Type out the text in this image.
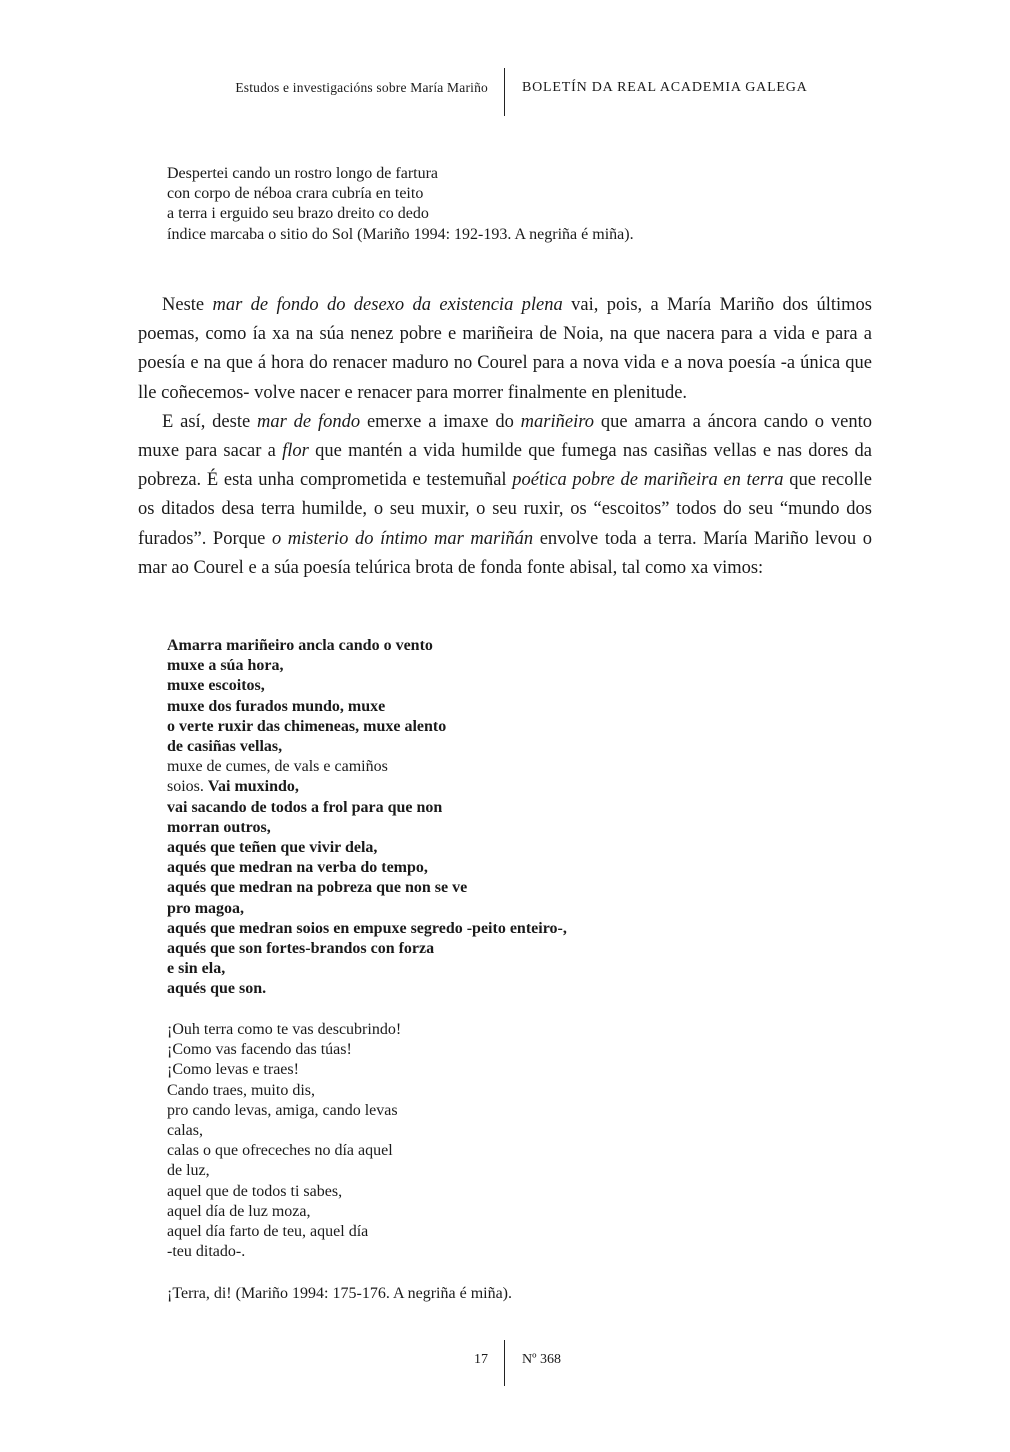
Estudos e investigacións sobre María Mariño BOLETÍN DA REAL ACADEMIA GALEGA
Despertei cando un rostro longo de fartura
con corpo de néboa crara cubría en teito
a terra i erguido seu brazo dreito co dedo
índice marcaba o sitio do Sol (Mariño 1994: 192-193. A negriña é miña).

Neste mar de fondo do desexo da existencia plena vai, pois, a María Mariño dos últimos poemas, como ía xa na súa nenez pobre e mariñeira de Noia, na que nacera para a vida e para a poesía e na que á hora do renacer maduro no Courel para a nova vida e a nova poesía -a única que lle coñecemos- volve nacer e renacer para morrer finalmente en plenitude.

E así, deste mar de fondo emerxe a imaxe do mariñeiro que amarra a áncora cando o vento muxe para sacar a flor que mantén a vida humilde que fumega nas casiñas vellas e nas dores da pobreza. É esta unha comprometida e testemuñal poética pobre de mariñeira en terra que recolle os ditados desa terra humilde, o seu muxir, o seu ruxir, os “escoitos” todos do seu “mundo dos furados”. Porque o misterio do íntimo mar mariñán envolve toda a terra. María Mariño levou o mar ao Courel e a súa poesía telúrica brota de fonda fonte abisal, tal como xa vimos:

Amarra mariñeiro ancla cando o vento
muxe a súa hora,
muxe escoitos,
muxe dos furados mundo, muxe
o verte ruxir das chimeneas, muxe alento
de casiñas vellas,
muxe de cumes, de vals e camiños
soios. Vai muxindo,
vai sacando de todos a frol para que non
morran outros,
aqués que teñen que vivir dela,
aqués que medran na verba do tempo,
aqués que medran na pobreza que non se ve
pro magoa,
aqués que medran soios en empuxe segredo -peito enteiro-,
aqués que son fortes-brandos con forza
e sin ela,
aqués que son.
¡Ouh terra como te vas descubrindo!
¡Como vas facendo das túas!
¡Como levas e traes!
Cando traes, muito dis,
pro cando levas, amiga, cando levas
calas,
calas o que ofreceches no día aquel
de luz,
aquel que de todos ti sabes,
aquel día de luz moza,
aquel día farto de teu, aquel día
-teu ditado-.
¡Terra, di! (Mariño 1994: 175-176. A negriña é miña).
17 Nº 368
